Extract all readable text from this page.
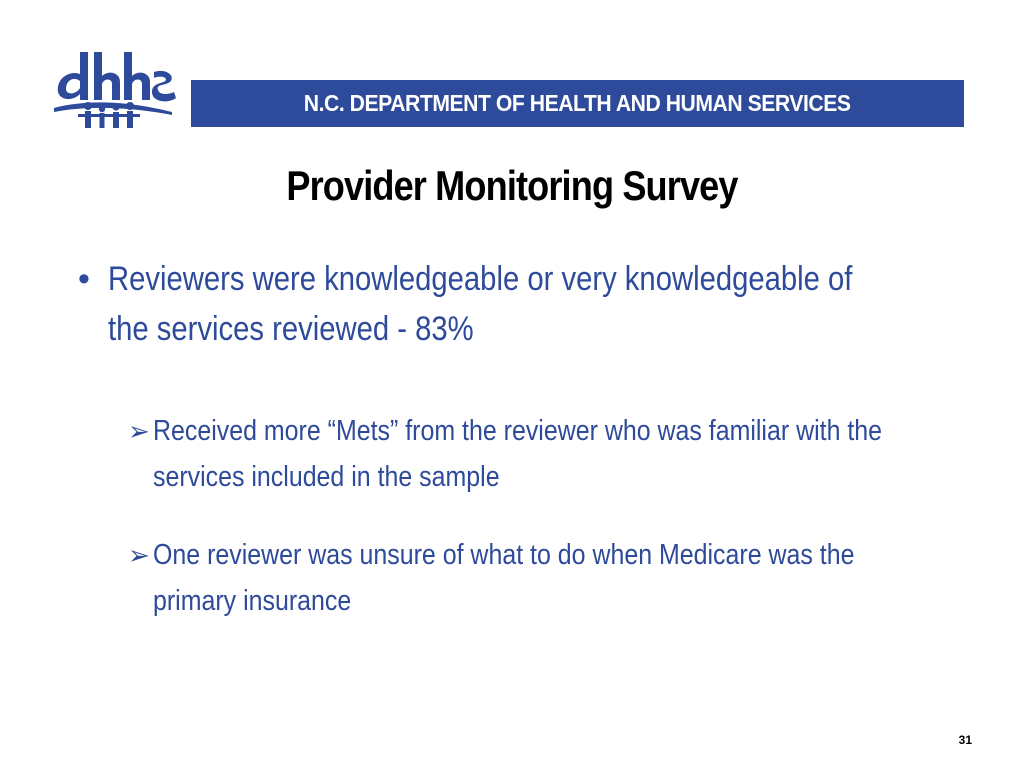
N.C. DEPARTMENT OF HEALTH AND HUMAN SERVICES
Provider Monitoring Survey
• Reviewers were knowledgeable or very knowledgeable of the services reviewed - 83%
➢ Received more “Mets” from the reviewer who was familiar with the services included in the sample
➢ One reviewer was unsure of what to do when Medicare was the primary insurance
31
